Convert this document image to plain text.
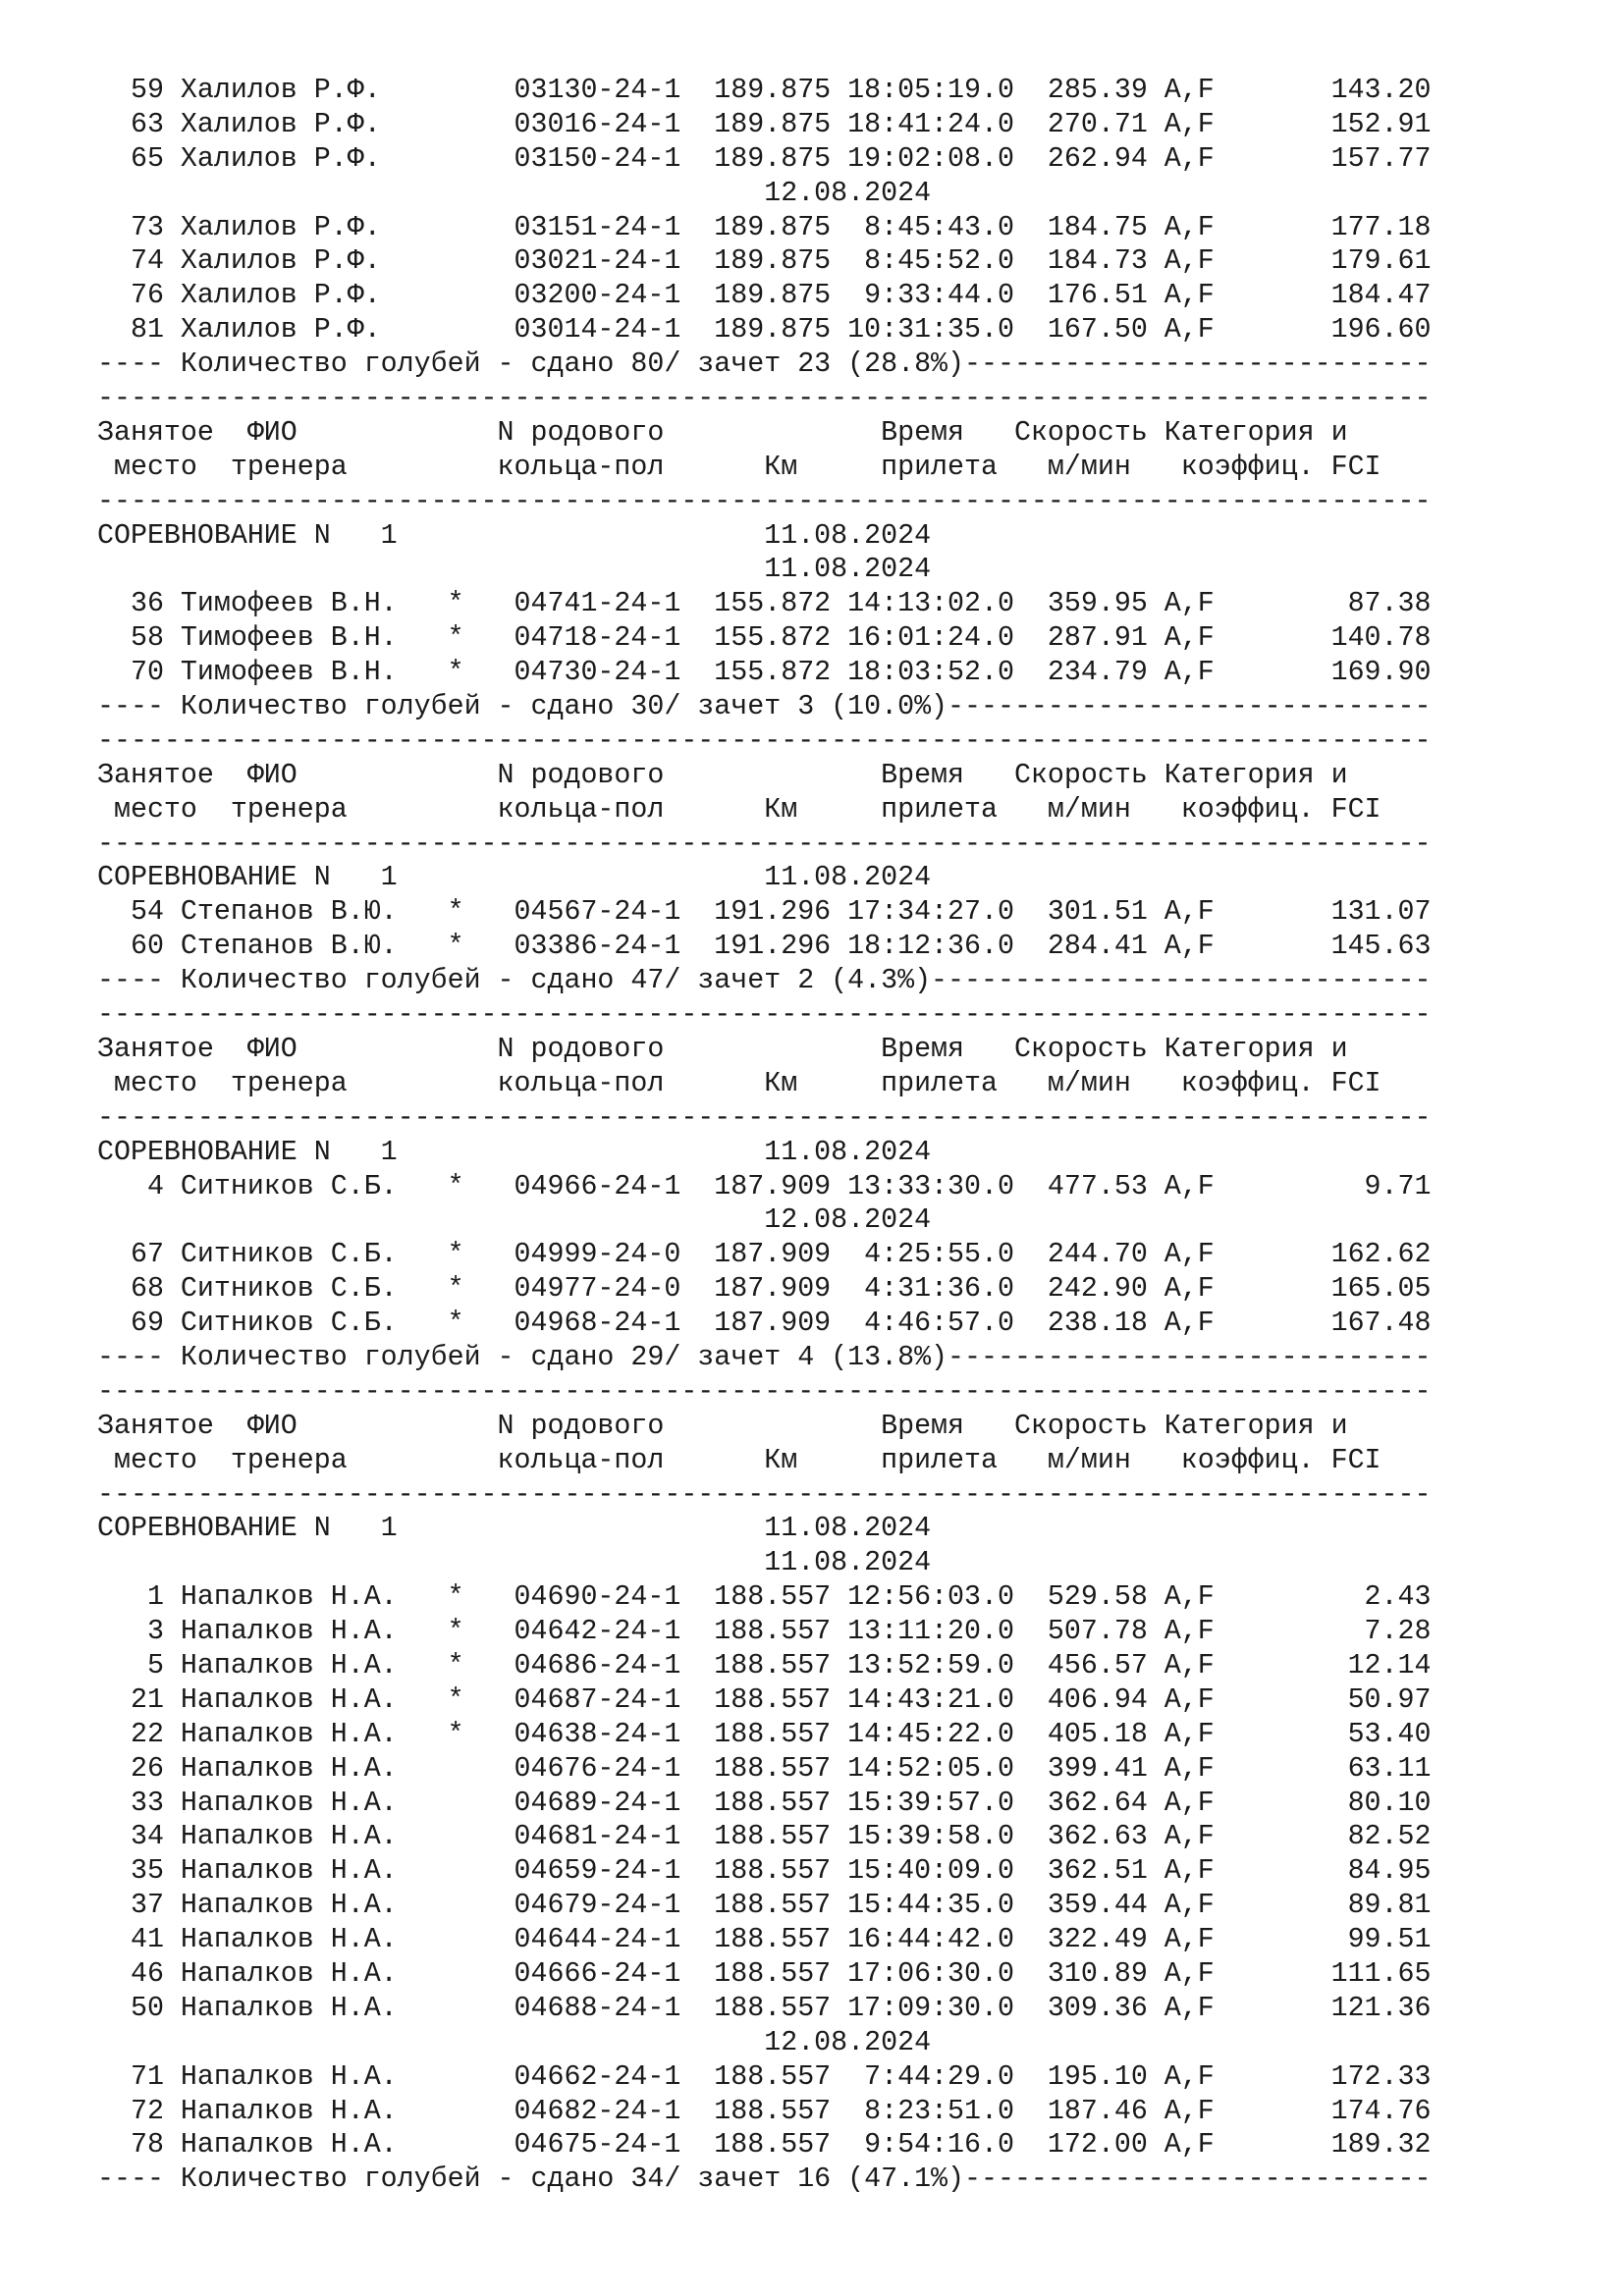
59 Халилов Р.Ф.        03130-24-1  189.875 18:05:19.0  285.39 A,F       143.20
63 Халилов Р.Ф.        03016-24-1  189.875 18:41:24.0  270.71 A,F       152.91
65 Халилов Р.Ф.        03150-24-1  189.875 19:02:08.0  262.94 A,F       157.77
12.08.2024
73 Халилов Р.Ф.        03151-24-1  189.875  8:45:43.0  184.75 A,F       177.18
74 Халилов Р.Ф.        03021-24-1  189.875  8:45:52.0  184.73 A,F       179.61
76 Халилов Р.Ф.        03200-24-1  189.875  9:33:44.0  176.51 A,F       184.47
81 Халилов Р.Ф.        03014-24-1  189.875 10:31:35.0  167.50 A,F       196.60
---- Количество голубей - сдано 80/ зачет 23 (28.8%)----------------------------
--------------------------------------------------------------------------------
Занятое  ФИО            N родового             Время   Скорость Категория и
место  тренера         кольца-пол      Км     прилета   м/мин   коэффиц. FCI
--------------------------------------------------------------------------------
СОРЕВНОВАНИЕ N   1                      11.08.2024
11.08.2024
36 Тимофеев В.Н.   *   04741-24-1  155.872 14:13:02.0  359.95 A,F        87.38
58 Тимофеев В.Н.   *   04718-24-1  155.872 16:01:24.0  287.91 A,F       140.78
70 Тимофеев В.Н.   *   04730-24-1  155.872 18:03:52.0  234.79 A,F       169.90
---- Количество голубей - сдано 30/ зачет 3 (10.0%)-----------------------------
--------------------------------------------------------------------------------
Занятое  ФИО            N родового             Время   Скорость Категория и
место  тренера         кольца-пол      Км     прилета   м/мин   коэффиц. FCI
--------------------------------------------------------------------------------
СОРЕВНОВАНИЕ N   1                      11.08.2024
54 Степанов В.Ю.   *   04567-24-1  191.296 17:34:27.0  301.51 A,F       131.07
60 Степанов В.Ю.   *   03386-24-1  191.296 18:12:36.0  284.41 A,F       145.63
---- Количество голубей - сдано 47/ зачет 2 (4.3%)------------------------------
--------------------------------------------------------------------------------
Занятое  ФИО            N родового             Время   Скорость Категория и
место  тренера         кольца-пол      Км     прилета   м/мин   коэффиц. FCI
--------------------------------------------------------------------------------
СОРЕВНОВАНИЕ N   1                      11.08.2024
4 Ситников С.Б.   *   04966-24-1  187.909 13:33:30.0  477.53 A,F         9.71
12.08.2024
67 Ситников С.Б.   *   04999-24-0  187.909  4:25:55.0  244.70 A,F       162.62
68 Ситников С.Б.   *   04977-24-0  187.909  4:31:36.0  242.90 A,F       165.05
69 Ситников С.Б.   *   04968-24-1  187.909  4:46:57.0  238.18 A,F       167.48
---- Количество голубей - сдано 29/ зачет 4 (13.8%)-----------------------------
--------------------------------------------------------------------------------
Занятое  ФИО            N родового             Время   Скорость Категория и
место  тренера         кольца-пол      Км     прилета   м/мин   коэффиц. FCI
--------------------------------------------------------------------------------
СОРЕВНОВАНИЕ N   1                      11.08.2024
11.08.2024
1 Напалков Н.А.   *   04690-24-1  188.557 12:56:03.0  529.58 A,F         2.43
3 Напалков Н.А.   *   04642-24-1  188.557 13:11:20.0  507.78 A,F         7.28
5 Напалков Н.А.   *   04686-24-1  188.557 13:52:59.0  456.57 A,F        12.14
21 Напалков Н.А.   *   04687-24-1  188.557 14:43:21.0  406.94 A,F        50.97
22 Напалков Н.А.   *   04638-24-1  188.557 14:45:22.0  405.18 A,F        53.40
26 Напалков Н.А.       04676-24-1  188.557 14:52:05.0  399.41 A,F        63.11
33 Напалков Н.А.       04689-24-1  188.557 15:39:57.0  362.64 A,F        80.10
34 Напалков Н.А.       04681-24-1  188.557 15:39:58.0  362.63 A,F        82.52
35 Напалков Н.А.       04659-24-1  188.557 15:40:09.0  362.51 A,F        84.95
37 Напалков Н.А.       04679-24-1  188.557 15:44:35.0  359.44 A,F        89.81
41 Напалков Н.А.       04644-24-1  188.557 16:44:42.0  322.49 A,F        99.51
46 Напалков Н.А.       04666-24-1  188.557 17:06:30.0  310.89 A,F       111.65
50 Напалков Н.А.       04688-24-1  188.557 17:09:30.0  309.36 A,F       121.36
12.08.2024
71 Напалков Н.А.       04662-24-1  188.557  7:44:29.0  195.10 A,F       172.33
72 Напалков Н.А.       04682-24-1  188.557  8:23:51.0  187.46 A,F       174.76
78 Напалков Н.А.       04675-24-1  188.557  9:54:16.0  172.00 A,F       189.32
---- Количество голубей - сдано 34/ зачет 16 (47.1%)----------------------------
